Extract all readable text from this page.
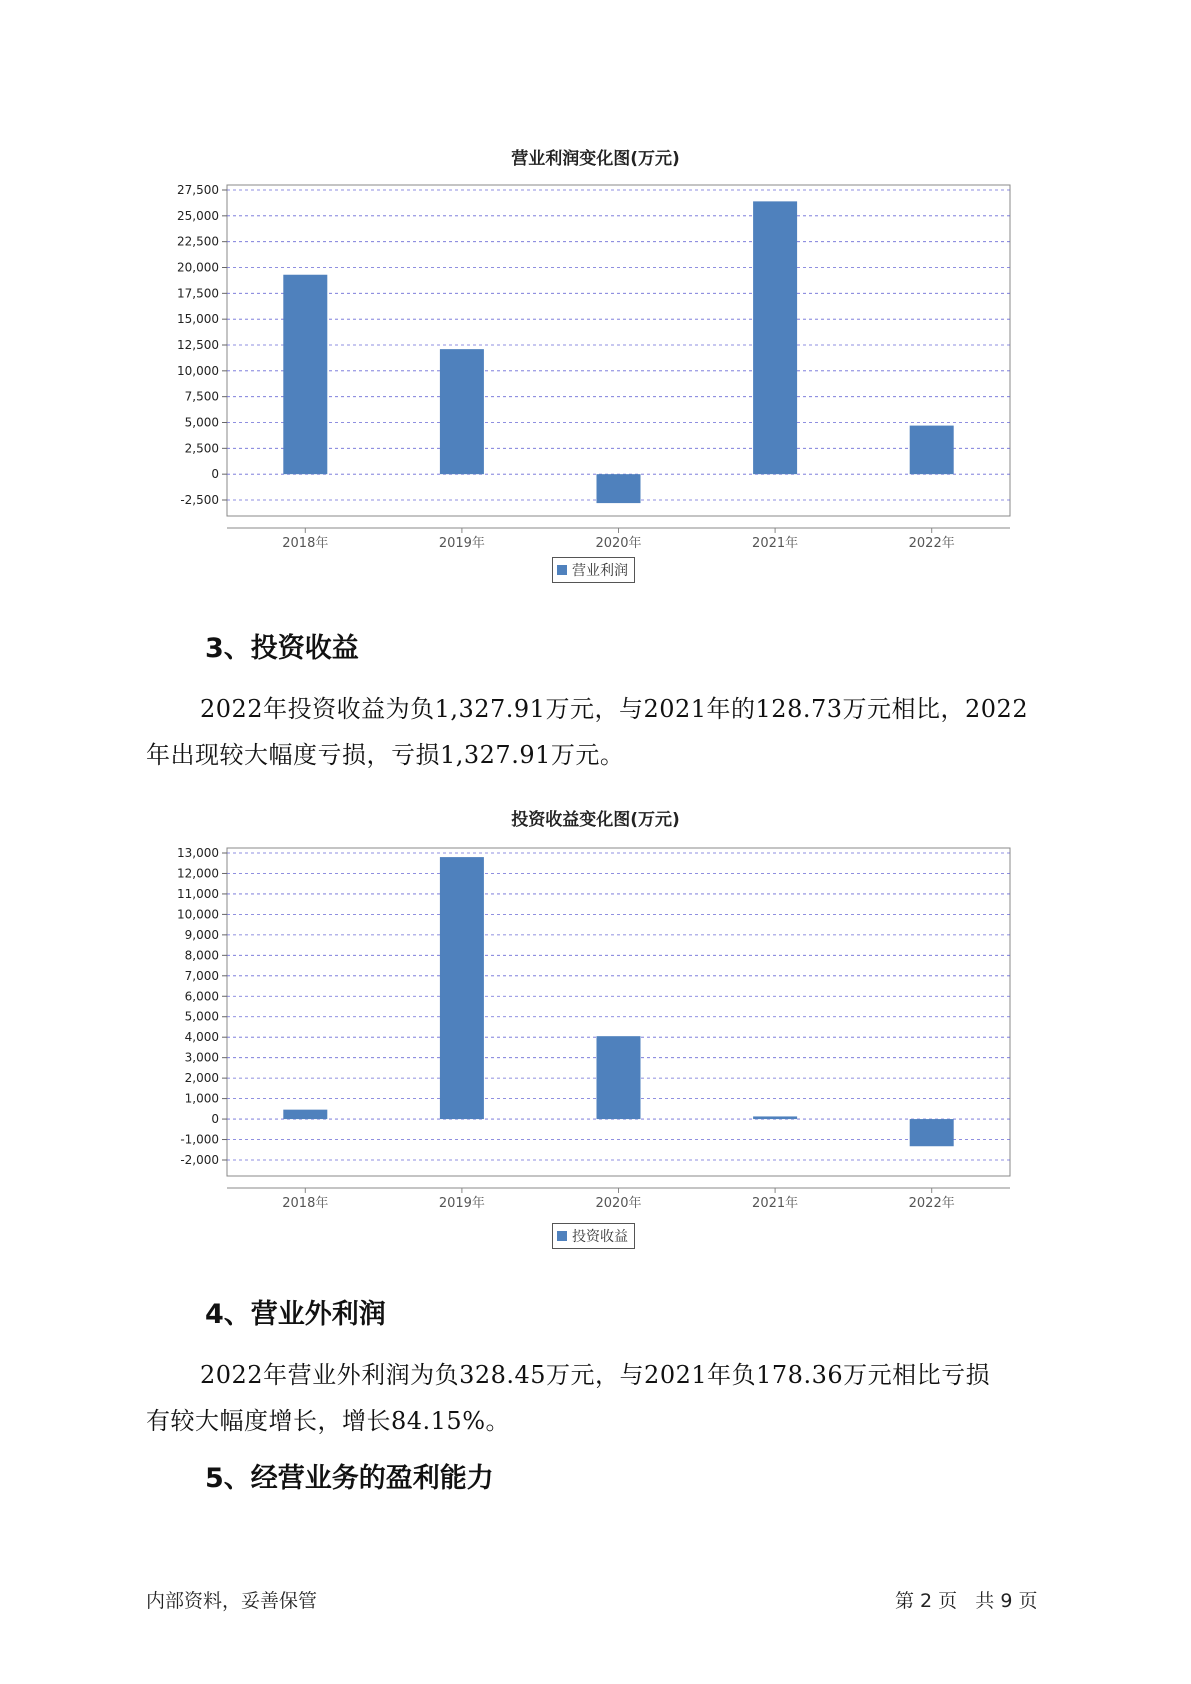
营业利润变化图(万元)
27,500
25,000
22,500
20,000
17,500
15,000
12,500
10,000
7,500
5,000
2,500
0
-2,500
2018年	2019年	2020年	2021年	2022年
营业利润
3、投资收益
2022年投资收益为负1,327.91万元，与2021年的128.73万元相比，2022
年出现较大幅度亏损，亏损1,327.91万元。
投资收益变化图(万元)
13,000
12,000
11,000
10,000
9,000
8,000
7,000
6,000
5,000
4,000
3,000
2,000
1,000
0
-1,000
-2,000
2018年	2019年	2020年	2021年	2022年
投资收益
4、营业外利润
2022年营业外利润为负328.45万元，与2021年负178.36万元相比亏损
有较大幅度增长，增长84.15%。
5、经营业务的盈利能力
内部资料，妥善保管	第 2 页   共 9 页
